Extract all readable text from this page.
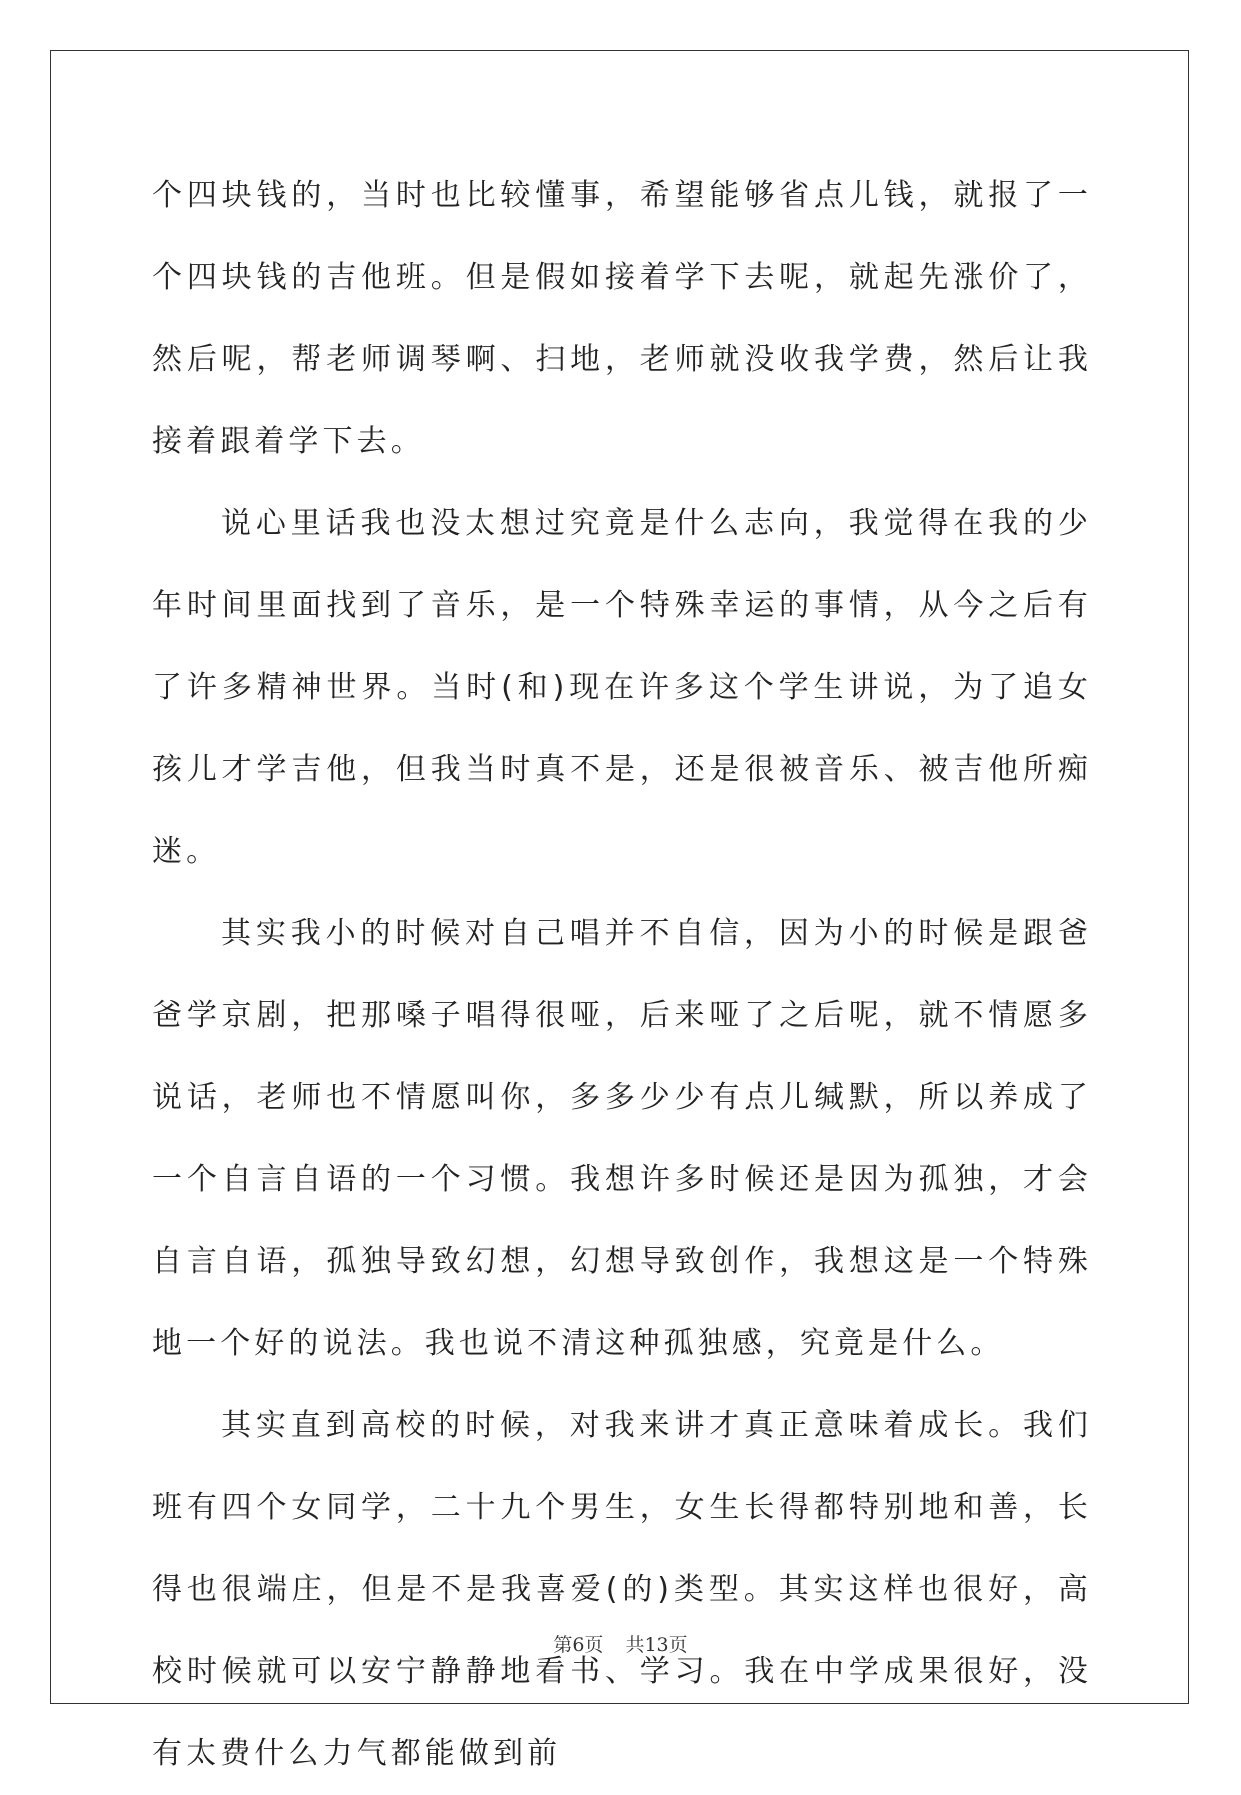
个四块钱的，当时也比较懂事，希望能够省点儿钱，就报了一个四块钱的吉他班。但是假如接着学下去呢，就起先涨价了，然后呢，帮老师调琴啊、扫地，老师就没收我学费，然后让我接着跟着学下去。

说心里话我也没太想过究竟是什么志向，我觉得在我的少年时间里面找到了音乐，是一个特殊幸运的事情，从今之后有了许多精神世界。当时(和)现在许多这个学生讲说，为了追女孩儿才学吉他，但我当时真不是，还是很被音乐、被吉他所痴迷。

其实我小的时候对自己唱并不自信，因为小的时候是跟爸爸学京剧，把那嗓子唱得很哑，后来哑了之后呢，就不情愿多说话，老师也不情愿叫你，多多少少有点儿缄默，所以养成了一个自言自语的一个习惯。我想许多时候还是因为孤独，才会自言自语，孤独导致幻想，幻想导致创作，我想这是一个特殊地一个好的说法。我也说不清这种孤独感，究竟是什么。

其实直到高校的时候，对我来讲才真正意味着成长。我们班有四个女同学，二十九个男生，女生长得都特别地和善，长得也很端庄，但是不是我喜爱(的)类型。其实这样也很好，高校时候就可以安宁静静地看书、学习。我在中学成果很好，没有太费什么力气都能做到前

第6页 共13页
